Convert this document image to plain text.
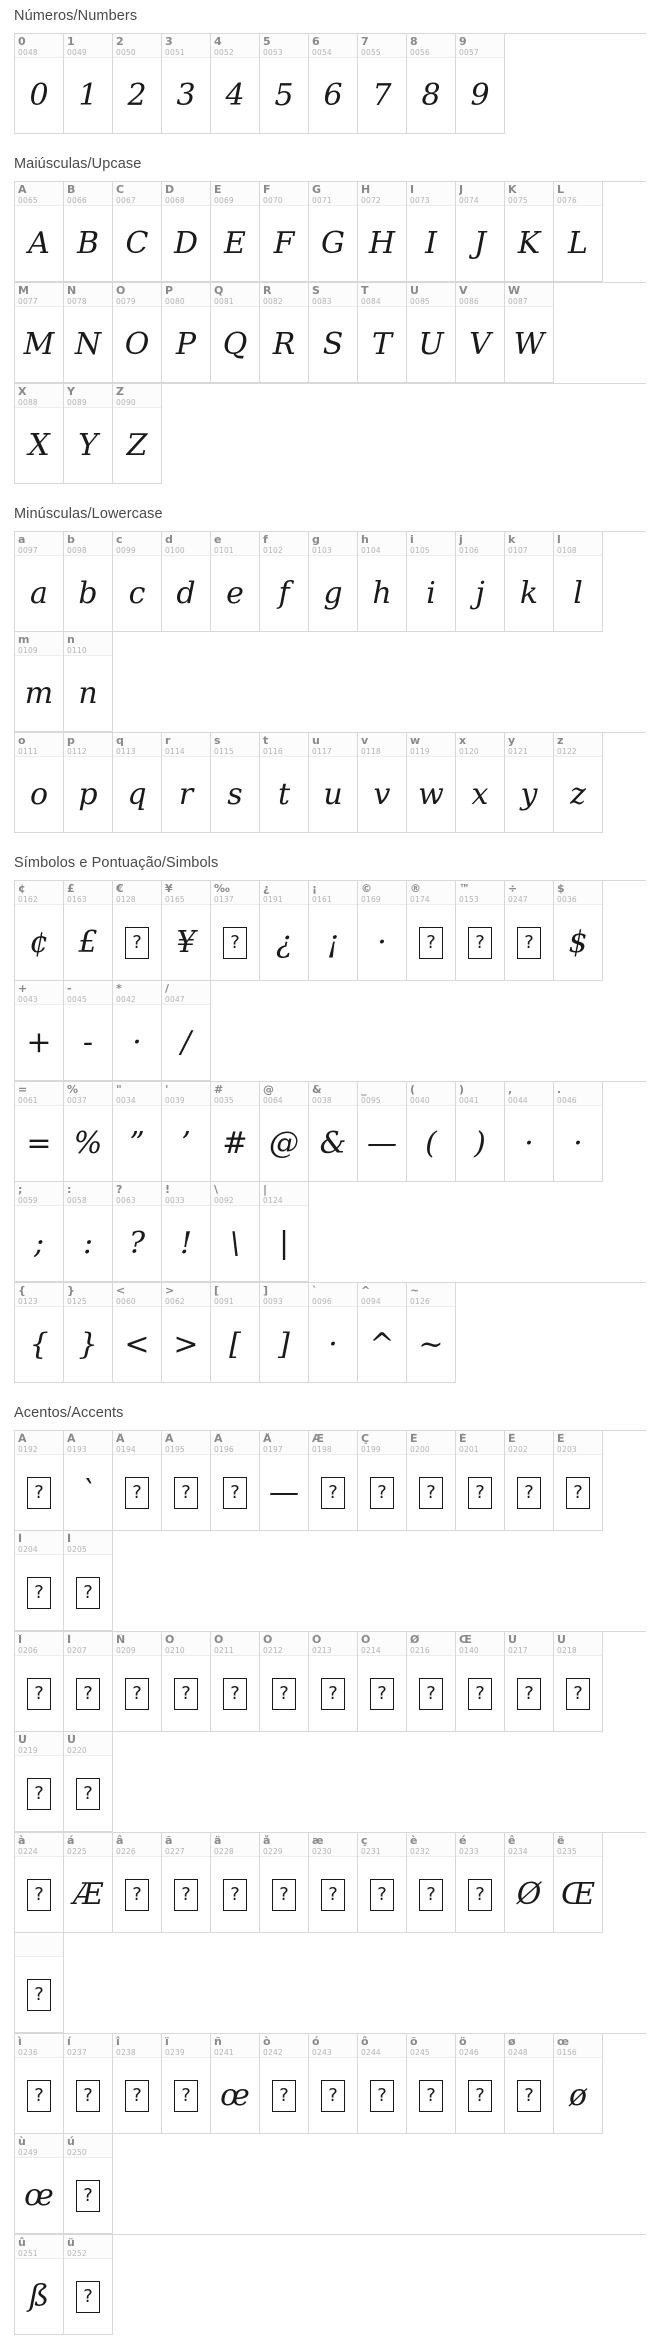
Números/Numbers
0
0048
0
1
0049
1
2
0050
2
3
0051
3
4
0052
4
5
0053
5
6
0054
6
7
0055
7
8
0056
8
9
0057
9
Maiúsculas/Upcase
A
0065
A
B
0066
B
C
0067
C
D
0068
D
E
0069
E
F
0070
F
G
0071
G
H
0072
H
I
0073
I
J
0074
J
K
0075
K
L
0076
L
M
0077
M
N
0078
N
O
0079
O
P
0080
P
Q
0081
Q
R
0082
R
S
0083
S
T
0084
T
U
0085
U
V
0086
V
W
0087
W
X
0088
X
Y
0089
Y
Z
0090
Z
Minúsculas/Lowercase
a
0097
a
b
0098
b
c
0099
c
d
0100
d
e
0101
e
f
0102
f
g
0103
g
h
0104
h
i
0105
i
j
0106
j
k
0107
k
l
0108
l
m
0109
m
n
0110
n
o
0111
o
p
0112
p
q
0113
q
r
0114
r
s
0115
s
t
0116
t
u
0117
u
v
0118
v
w
0119
w
x
0120
x
y
0121
y
z
0122
z
Símbolos e Pontuação/Simbols
¢
0162
¢
£
0163
£
€
0128
?
¥
0165
¥
‰
0137
?
¿
0191
¿
¡
0161
¡
©
0169
·
®
0174
?
™
0153
?
÷
0247
?
$
0036
$
+
0043
+
-
0045
-
*
0042
·
/
0047
/
=
0061
=
%
0037
%
"
0034
”
'
0039
’
#
0035
#
@
0064
@
&
0038
&
_
0095
—
(
0040
(
)
0041
)
,
0044
·
.
0046
·
;
0059
;
:
0058
:
?
0063
?
!
0033
!
\
0092
\
|
0124
|
{
0123
{
}
0125
}
<
0060
<
>
0062
>
[
0091
[
]
0093
]
`
0096
·
^
0094
^
~
0126
~
Acentos/Accents
À
0192
?
Á
0193
`
Â
0194
?
Ã
0195
?
Ä
0196
?
Å
0197
—
Æ
0198
?
Ç
0199
?
È
0200
?
É
0201
?
Ê
0202
?
Ë
0203
?
Ì
0204
?
Í
0205
?
Î
0206
?
Ï
0207
?
Ñ
0209
?
Ò
0210
?
Ó
0211
?
Ô
0212
?
Õ
0213
?
Ö
0214
?
Ø
0216
?
Œ
0140
?
Ù
0217
?
Ú
0218
?
Û
0219
?
Ü
0220
?
à
0224
?
á
0225
Æ
â
0226
?
ã
0227
?
ä
0228
?
å
0229
?
æ
0230
?
ç
0231
?
è
0232
?
é
0233
?
ê
0234
Ø
ë
0235
Œ
?
ì
0236
?
í
0237
?
î
0238
?
ï
0239
?
ñ
0241
œ
ò
0242
?
ó
0243
?
ô
0244
?
õ
0245
?
ö
0246
?
ø
0248
?
œ
0156
ø
ù
0249
œ
ú
0250
?
û
0251
ß
ü
0252
?
